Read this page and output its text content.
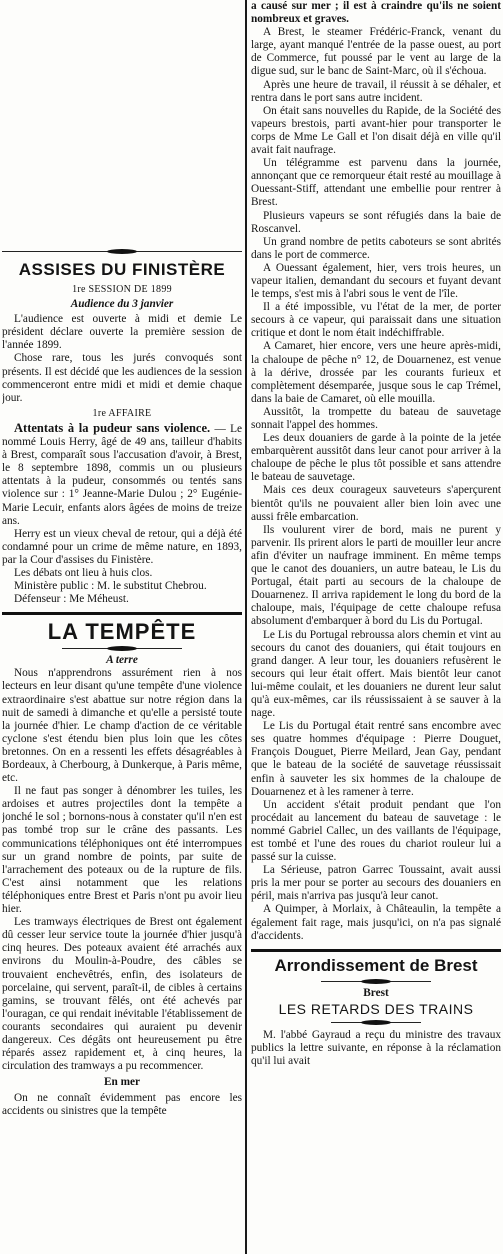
ASSISES DU FINISTÈRE

1re SESSION DE 1899

Audience du 3 janvier

L'audience est ouverte à midi et demie Le président déclare ouverte la première session de l'année 1899.

Chose rare, tous les jurés convoqués sont présents. Il est décidé que les audiences de la session commenceront entre midi et midi et demie chaque jour.

1re AFFAIRE

Attentats à la pudeur sans violence. — Le nommé Louis Herry, âgé de 49 ans, tailleur d'habits à Brest, comparaît sous l'accusation d'avoir, à Brest, le 8 septembre 1898, commis un ou plusieurs attentats à la pudeur, consommés ou tentés sans violence sur : 1° Jeanne-Marie Dulou ; 2° Eugénie-Marie Lecuir, enfants alors âgées de moins de treize ans.

Herry est un vieux cheval de retour, qui a déjà été condamné pour un crime de même nature, en 1893, par la Cour d'assises du Finistère.

Les débats ont lieu à huis clos.

Ministère public : M. le substitut Chebrou.

Défenseur : Me Méheust.

LA TEMPÊTE

A terre

Nous n'apprendrons assurément rien à nos lecteurs en leur disant qu'une tempête d'une violence extraordinaire s'est abattue sur notre région dans la nuit de samedi à dimanche et qu'elle a persisté toute la journée d'hier. Le champ d'action de ce véritable cyclone s'est étendu bien plus loin que les côtes bretonnes. On en a ressenti les effets désagréables à Bordeaux, à Cherbourg, à Dunkerque, à Paris même, etc.

Il ne faut pas songer à dénombrer les tuiles, les ardoises et autres projectiles dont la tempête a jonché le sol ; bornons-nous à constater qu'il n'en est pas tombé trop sur le crâne des passants. Les communications téléphoniques ont été interrompues sur un grand nombre de points, par suite de l'arrachement des poteaux ou de la rupture de fils. C'est ainsi notamment que les relations téléphoniques entre Brest et Paris n'ont pu avoir lieu hier.

Les tramways électriques de Brest ont également dû cesser leur service toute la journée d'hier jusqu'à cinq heures. Des poteaux avaient été arrachés aux environs du Moulin-à-Poudre, des câbles se trouvaient enchevêtrés, enfin, des isolateurs de porcelaine, qui servent, paraît-il, de cibles à certains gamins, se trouvant fêlés, ont été achevés par l'ouragan, ce qui rendait inévitable l'établissement de courants secondaires qui auraient pu devenir dangereux. Ces dégâts ont heureusement pu être réparés assez rapidement et, à cinq heures, la circulation des tramways a pu recommencer.

En mer

On ne connaît évidemment pas encore les accidents ou sinistres que la tempête

a causé sur mer ; il est à craindre qu'ils ne soient nombreux et graves.

A Brest, le steamer Frédéric-Franck, venant du large, ayant manqué l'entrée de la passe ouest, au port de Commerce, fut poussé par le vent au large de la digue sud, sur le banc de Saint-Marc, où il s'échoua.

Après une heure de travail, il réussit à se déhaler, et rentra dans le port sans autre incident.

On était sans nouvelles du Rapide, de la Société des vapeurs brestois, parti avant-hier pour transporter le corps de Mme Le Gall et l'on disait déjà en ville qu'il avait fait naufrage.

Un télégramme est parvenu dans la journée, annonçant que ce remorqueur était resté au mouillage à Ouessant-Stiff, attendant une embellie pour rentrer à Brest.

Plusieurs vapeurs se sont réfugiés dans la baie de Roscanvel.

Un grand nombre de petits caboteurs se sont abrités dans le port de commerce.

A Ouessant également, hier, vers trois heures, un vapeur italien, demandant du secours et fuyant devant le temps, s'est mis à l'abri sous le vent de l'île.

Il a été impossible, vu l'état de la mer, de porter secours à ce vapeur, qui paraissait dans une situation critique et dont le nom était indéchiffrable.

A Camaret, hier encore, vers une heure après-midi, la chaloupe de pêche n° 12, de Douarnenez, est venue à la dérive, drossée par les courants furieux et complètement désemparée, jusque sous le cap Trémel, dans la baie de Camaret, où elle mouilla.

Aussitôt, la trompette du bateau de sauvetage sonnait l'appel des hommes.

Les deux douaniers de garde à la pointe de la jetée embarquèrent aussitôt dans leur canot pour arriver à la chaloupe de pêche le plus tôt possible et sans attendre le bateau de sauvetage.

Mais ces deux courageux sauveteurs s'aperçurent bientôt qu'ils ne pouvaient aller bien loin avec une aussi frêle embarcation.

Ils voulurent virer de bord, mais ne purent y parvenir. Ils prirent alors le parti de mouiller leur ancre afin d'éviter un naufrage imminent. En même temps que le canot des douaniers, un autre bateau, le Lis du Portugal, était parti au secours de la chaloupe de Douarnenez. Il arriva rapidement le long du bord de la chaloupe, mais, l'équipage de cette chaloupe refusa absolument d'embarquer à bord du Lis du Portugal.

Le Lis du Portugal rebroussa alors chemin et vint au secours du canot des douaniers, qui était toujours en grand danger. A leur tour, les douaniers refusèrent le secours qui leur était offert. Mais bientôt leur canot lui-même coulait, et les douaniers ne durent leur salut qu'à eux-mêmes, car ils réussissaient à se sauver à la nage.

Le Lis du Portugal était rentré sans encombre avec ses quatre hommes d'équipage : Pierre Douguet, François Douguet, Pierre Meilard, Jean Gay, pendant que le bateau de la société de sauvetage réussissait enfin à sauveter les six hommes de la chaloupe de Douarnenez et à les ramener à terre.

Un accident s'était produit pendant que l'on procédait au lancement du bateau de sauvetage : le nommé Gabriel Callec, un des vaillants de l'équipage, est tombé et l'une des roues du chariot rouleur lui a passé sur la cuisse.

La Sérieuse, patron Garrec Toussaint, avait aussi pris la mer pour se porter au secours des douaniers en péril, mais n'arriva pas jusqu'à leur canot.

A Quimper, à Morlaix, à Châteaulin, la tempête a également fait rage, mais jusqu'ici, on n'a pas signalé d'accidents.

Arrondissement de Brest

Brest

LES RETARDS DES TRAINS

M. l'abbé Gayraud a reçu du ministre des travaux publics la lettre suivante, en réponse à la réclamation qu'il lui avait
